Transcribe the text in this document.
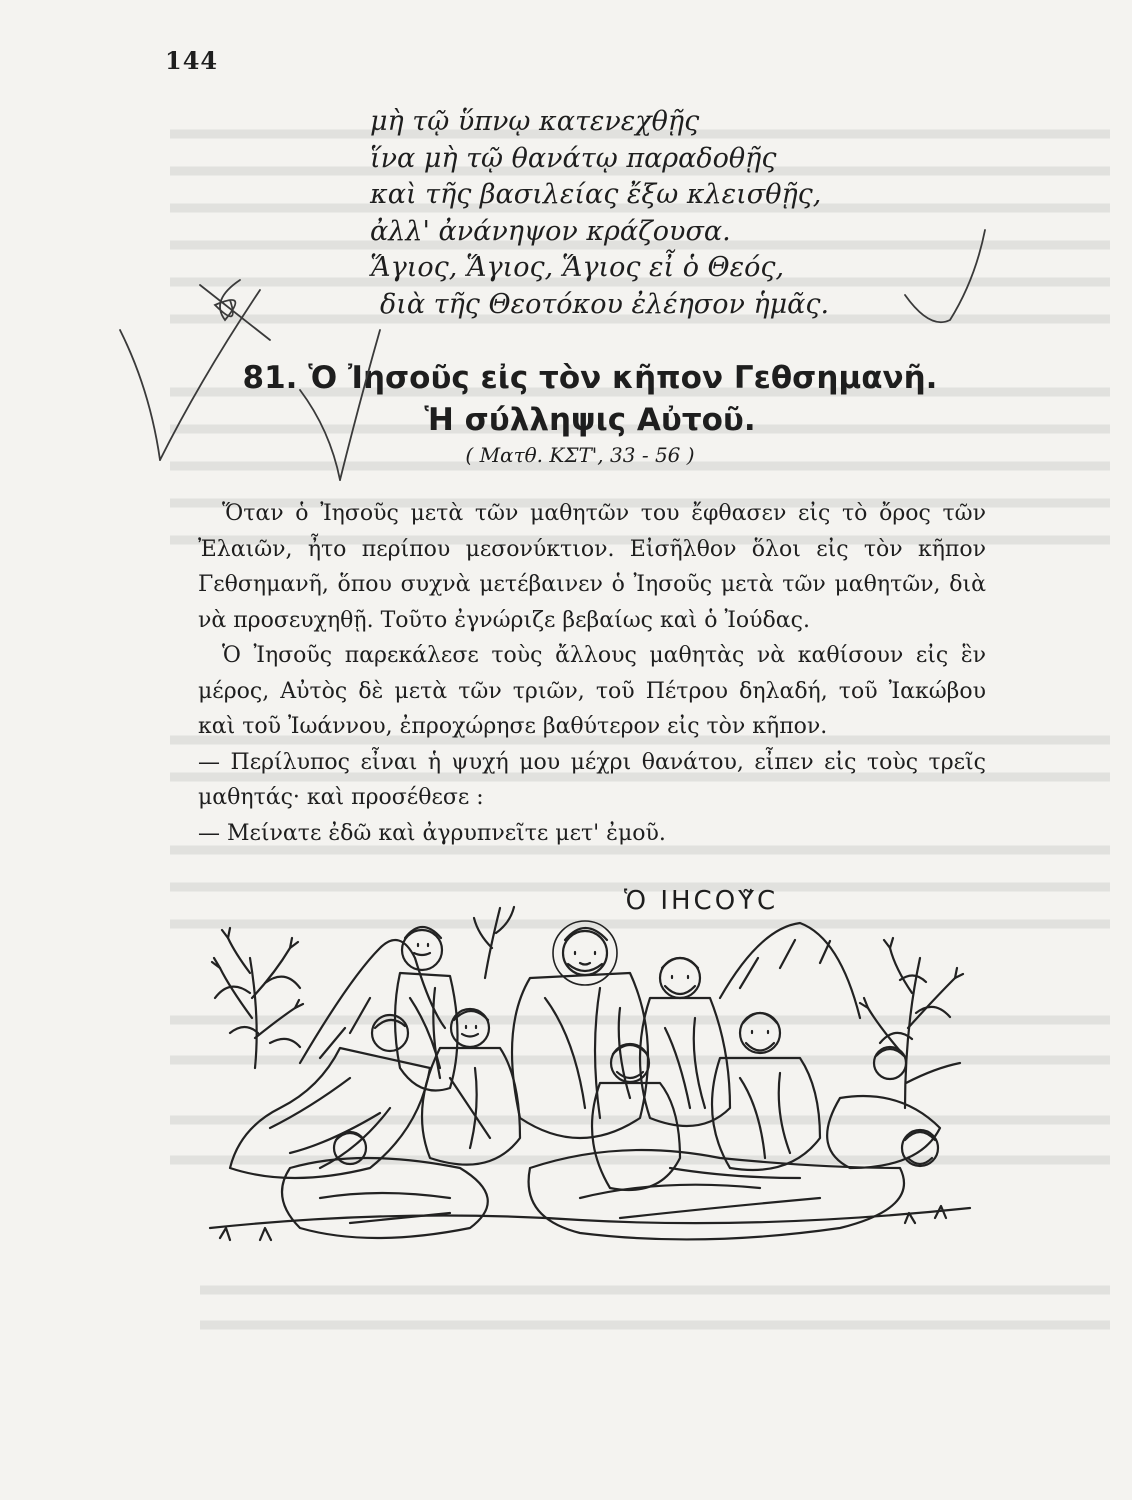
144
μὴ τῷ ὕπνῳ κατενεχθῇς
ἵνα μὴ τῷ θανάτῳ παραδοθῇς
καὶ τῆς βασιλείας ἔξω κλεισθῇς,
ἀλλ' ἀνάνηψον κράζουσα.
Ἅγιος, Ἅγιος, Ἅγιος εἶ ὁ Θεός,
διὰ τῆς Θεοτόκου ἐλέησον ἡμᾶς.
81. Ὁ Ἰησοῦς εἰς τὸν κῆπον Γεθσημανῆ.
Ἡ σύλληψις Αὐτοῦ.
( Ματθ. ΚΣΤ', 33 - 56 )

Ὅταν ὁ Ἰησοῦς μετὰ τῶν μαθητῶν του ἔφθασεν εἰς τὸ ὄρος τῶν Ἐλαιῶν, ἦτο περίπου μεσονύκτιον. Εἰσῆλθον ὅλοι εἰς τὸν κῆπον Γεθσημανῆ, ὅπου συχνὰ μετέβαινεν ὁ Ἰησοῦς μετὰ τῶν μαθητῶν, διὰ νὰ προσευχηθῇ. Τοῦτο ἐγνώριζε βεβαίως καὶ ὁ Ἰούδας.

Ὁ Ἰησοῦς παρεκάλεσε τοὺς ἄλλους μαθητὰς νὰ καθίσουν εἰς ἓν μέρος, Αὐτὸς δὲ μετὰ τῶν τριῶν, τοῦ Πέτρου δηλαδή, τοῦ Ἰακώβου καὶ τοῦ Ἰωάννου, ἐπροχώρησε βαθύτερον εἰς τὸν κῆπον.

— Περίλυπος εἶναι ἡ ψυχή μου μέχρι θανάτου, εἶπεν εἰς τοὺς τρεῖς μαθητάς· καὶ προσέθεσε :

— Μείνατε ἐδῶ καὶ ἀγρυπνεῖτε μετ' ἐμοῦ.

Ὁ ΙΗϹΟΥ͂Ϲ
